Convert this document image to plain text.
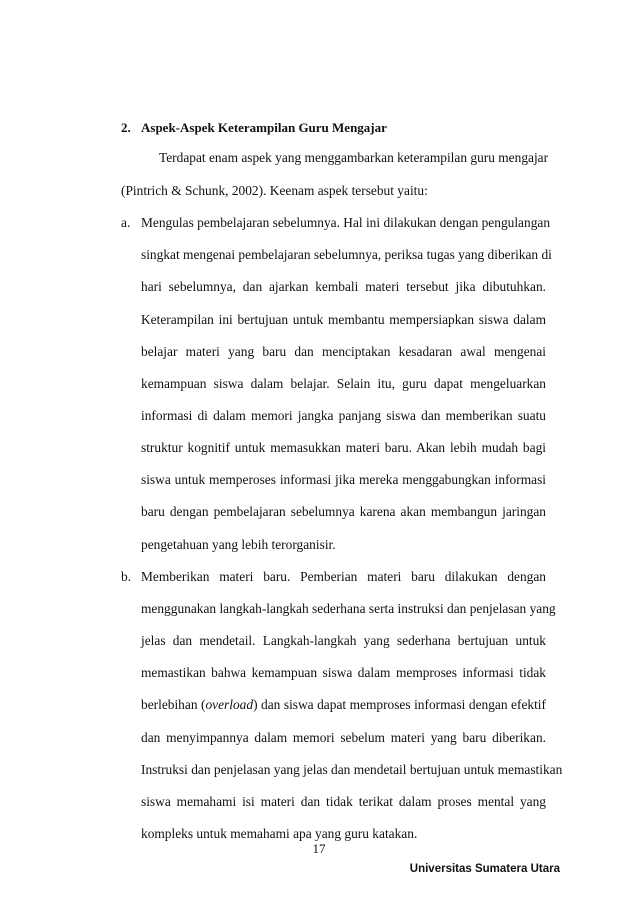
2. Aspek-Aspek Keterampilan Guru Mengajar
Terdapat enam aspek yang menggambarkan keterampilan guru mengajar
(Pintrich & Schunk, 2002). Keenam aspek tersebut yaitu:
a. Mengulas pembelajaran sebelumnya. Hal ini dilakukan dengan pengulangan
singkat mengenai pembelajaran sebelumnya, periksa tugas yang diberikan di
hari sebelumnya, dan ajarkan kembali materi tersebut jika dibutuhkan.
Keterampilan ini bertujuan untuk membantu mempersiapkan siswa dalam
belajar materi yang baru dan menciptakan kesadaran awal mengenai
kemampuan siswa dalam belajar. Selain itu, guru dapat mengeluarkan
informasi di dalam memori jangka panjang siswa dan memberikan suatu
struktur kognitif untuk memasukkan materi baru. Akan lebih mudah bagi
siswa untuk memperoses informasi jika mereka menggabungkan informasi
baru dengan pembelajaran sebelumnya karena akan membangun jaringan
pengetahuan yang lebih terorganisir.
b. Memberikan materi baru. Pemberian materi baru dilakukan dengan
menggunakan langkah-langkah sederhana serta instruksi dan penjelasan yang
jelas dan mendetail. Langkah-langkah yang sederhana bertujuan untuk
memastikan bahwa kemampuan siswa dalam memproses informasi tidak
berlebihan (overload) dan siswa dapat memproses informasi dengan efektif
dan menyimpannya dalam memori sebelum materi yang baru diberikan.
Instruksi dan penjelasan yang jelas dan mendetail bertujuan untuk memastikan
siswa memahami isi materi dan tidak terikat dalam proses mental yang
kompleks untuk memahami apa yang guru katakan.
17
Universitas Sumatera Utara
